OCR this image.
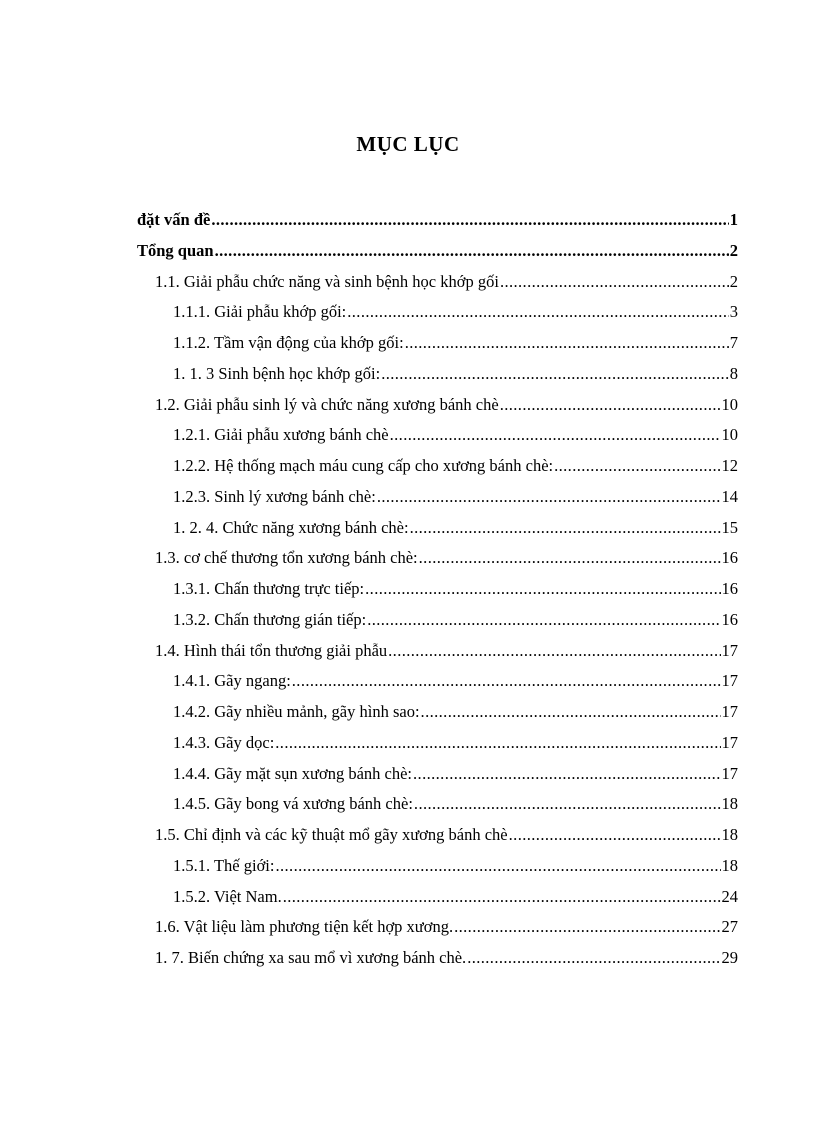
MỤC LỤC
đặt vấn đề .....	1
Tổng quan .....	2
1.1. Giải phẫu chức năng và sinh bệnh học khớp gối .....	2
1.1.1. Giải phẫu khớp gối: .....	3
1.1.2. Tầm vận động của khớp gối: .....	7
1. 1. 3 Sinh bệnh học khớp gối: .....	8
1.2. Giải phẫu sinh lý và chức năng xương bánh chè .....	10
1.2.1. Giải phẫu xương bánh chè .....	10
1.2.2. Hệ thống mạch máu cung cấp cho xương bánh chè: .....	12
1.2.3. Sinh lý xương bánh chè: .....	14
1. 2. 4. Chức năng xương bánh chè: .....	15
1.3. cơ chế thương tổn xương bánh chè: .....	16
1.3.1. Chấn thương trực tiếp: .....	16
1.3.2. Chấn thương gián tiếp: .....	16
1.4. Hình thái tổn thương giải phẫu .....	17
1.4.1. Gãy ngang: .....	17
1.4.2. Gãy nhiều mảnh, gãy hình sao: .....	17
1.4.3. Gãy dọc: .....	17
1.4.4. Gãy mặt sụn xương bánh chè: .....	17
1.4.5. Gãy bong vá xương bánh chè: .....	18
1.5. Chỉ định và các kỹ thuật mổ gãy xương bánh chè .....	18
1.5.1. Thế giới: .....	18
1.5.2. Việt Nam. .....	24
1.6. Vật liệu làm phương tiện kết hợp xương. .....	27
1. 7. Biến chứng xa sau mổ vì xương bánh chè. .....	29
